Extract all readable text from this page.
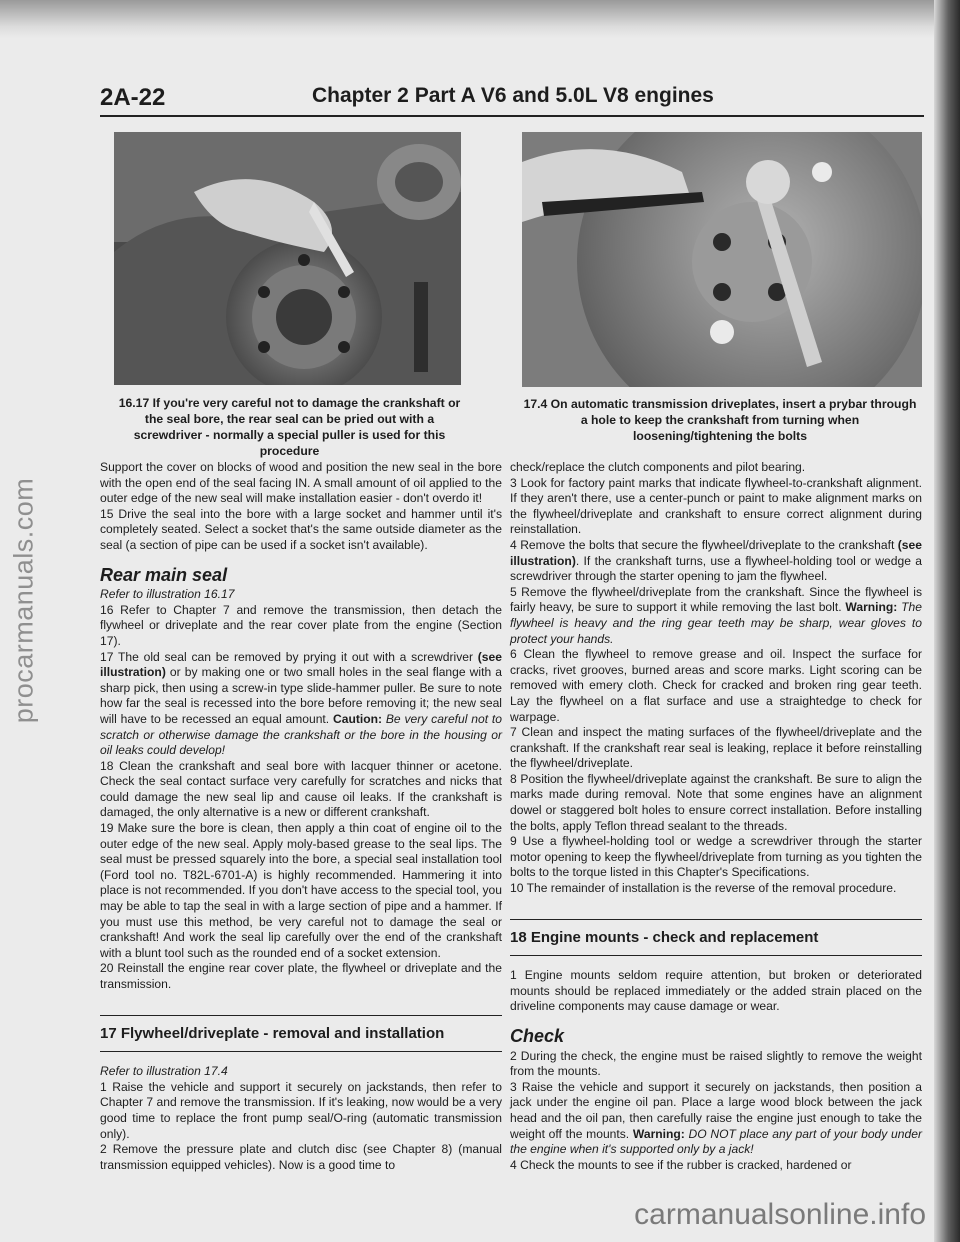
procarmanuals.com
2A-22	Chapter 2 Part A V6 and 5.0L V8 engines
16.17 If you're very careful not to damage the crankshaft or the seal bore, the rear seal can be pried out with a screwdriver - normally a special puller is used for this procedure
17.4 On automatic transmission driveplates, insert a prybar through a hole to keep the crankshaft from turning when loosening/tightening the bolts

Support the cover on blocks of wood and position the new seal in the bore with the open end of the seal facing IN. A small amount of oil applied to the outer edge of the new seal will make installation easier - don't overdo it!

15 Drive the seal into the bore with a large socket and hammer until it's completely seated. Select a socket that's the same outside diameter as the seal (a section of pipe can be used if a socket isn't available).

Rear main seal

Refer to illustration 16.17

16 Refer to Chapter 7 and remove the transmission, then detach the flywheel or driveplate and the rear cover plate from the engine (Section 17).

17 The old seal can be removed by prying it out with a screwdriver (see illustration) or by making one or two small holes in the seal flange with a sharp pick, then using a screw-in type slide-hammer puller. Be sure to note how far the seal is recessed into the bore before removing it; the new seal will have to be recessed an equal amount. Caution: Be very careful not to scratch or otherwise damage the crankshaft or the bore in the housing or oil leaks could develop!

18 Clean the crankshaft and seal bore with lacquer thinner or acetone. Check the seal contact surface very carefully for scratches and nicks that could damage the new seal lip and cause oil leaks. If the crankshaft is damaged, the only alternative is a new or different crankshaft.

19 Make sure the bore is clean, then apply a thin coat of engine oil to the outer edge of the new seal. Apply moly-based grease to the seal lips. The seal must be pressed squarely into the bore, a special seal installation tool (Ford tool no. T82L-6701-A) is highly recommended. Hammering it into place is not recommended. If you don't have access to the special tool, you may be able to tap the seal in with a large section of pipe and a hammer. If you must use this method, be very careful not to damage the seal or crankshaft! And work the seal lip carefully over the end of the crankshaft with a blunt tool such as the rounded end of a socket extension.

20 Reinstall the engine rear cover plate, the flywheel or driveplate and the transmission.

17 Flywheel/driveplate - removal and installation

Refer to illustration 17.4

1 Raise the vehicle and support it securely on jackstands, then refer to Chapter 7 and remove the transmission. If it's leaking, now would be a very good time to replace the front pump seal/O-ring (automatic transmission only).

2 Remove the pressure plate and clutch disc (see Chapter 8) (manual transmission equipped vehicles). Now is a good time to

check/replace the clutch components and pilot bearing.

3 Look for factory paint marks that indicate flywheel-to-crankshaft alignment. If they aren't there, use a center-punch or paint to make alignment marks on the flywheel/driveplate and crankshaft to ensure correct alignment during reinstallation.

4 Remove the bolts that secure the flywheel/driveplate to the crankshaft (see illustration). If the crankshaft turns, use a flywheel-holding tool or wedge a screwdriver through the starter opening to jam the flywheel.

5 Remove the flywheel/driveplate from the crankshaft. Since the flywheel is fairly heavy, be sure to support it while removing the last bolt. Warning: The flywheel is heavy and the ring gear teeth may be sharp, wear gloves to protect your hands.

6 Clean the flywheel to remove grease and oil. Inspect the surface for cracks, rivet grooves, burned areas and score marks. Light scoring can be removed with emery cloth. Check for cracked and broken ring gear teeth. Lay the flywheel on a flat surface and use a straightedge to check for warpage.

7 Clean and inspect the mating surfaces of the flywheel/driveplate and the crankshaft. If the crankshaft rear seal is leaking, replace it before reinstalling the flywheel/driveplate.

8 Position the flywheel/driveplate against the crankshaft. Be sure to align the marks made during removal. Note that some engines have an alignment dowel or staggered bolt holes to ensure correct installation. Before installing the bolts, apply Teflon thread sealant to the threads.

9 Use a flywheel-holding tool or wedge a screwdriver through the starter motor opening to keep the flywheel/driveplate from turning as you tighten the bolts to the torque listed in this Chapter's Specifications.

10 The remainder of installation is the reverse of the removal procedure.

18 Engine mounts - check and replacement

1 Engine mounts seldom require attention, but broken or deteriorated mounts should be replaced immediately or the added strain placed on the driveline components may cause damage or wear.

Check

2 During the check, the engine must be raised slightly to remove the weight from the mounts.

3 Raise the vehicle and support it securely on jackstands, then position a jack under the engine oil pan. Place a large wood block between the jack head and the oil pan, then carefully raise the engine just enough to take the weight off the mounts. Warning: DO NOT place any part of your body under the engine when it's supported only by a jack!

4 Check the mounts to see if the rubber is cracked, hardened or

carmanualsonline.info
